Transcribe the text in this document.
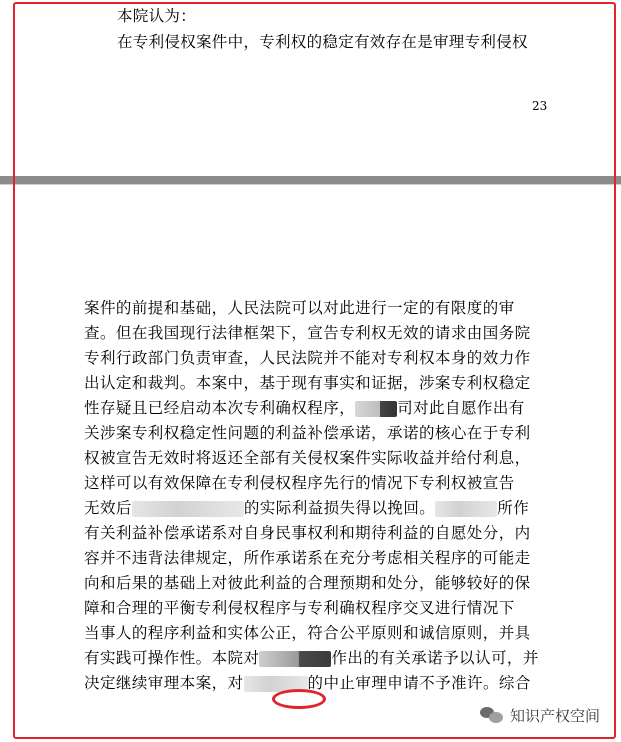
本院认为：
在专利侵权案件中，专利权的稳定有效存在是审理专利侵权
23
案件的前提和基础，人民法院可以对此进行一定的有限度的审
查。但在我国现行法律框架下，宣告专利权无效的请求由国务院
专利行政部门负责审查，人民法院并不能对专利权本身的效力作
出认定和裁判。本案中，基于现有事实和证据，涉案专利权稳定
性存疑且已经启动本次专利确权程序，	司对此自愿作出有
关涉案专利权稳定性问题的利益补偿承诺，承诺的核心在于专利
权被宣告无效时将返还全部有关侵权案件实际收益并给付利息，
这样可以有效保障在专利侵权程序先行的情况下专利权被宣告
无效后	的实际利益损失得以挽回。	所作
有关利益补偿承诺系对自身民事权利和期待利益的自愿处分，内
容并不违背法律规定，所作承诺系在充分考虑相关程序的可能走
向和后果的基础上对彼此利益的合理预期和处分，能够较好的保
障和合理的平衡专利侵权程序与专利确权程序交叉进行情况下
当事人的程序利益和实体公正，符合公平原则和诚信原则，并具
有实践可操作性。本院对	作出的有关承诺予以认可，并
决定继续审理本案，对	的中止审理申请不予准许。综合
知识产权空间
